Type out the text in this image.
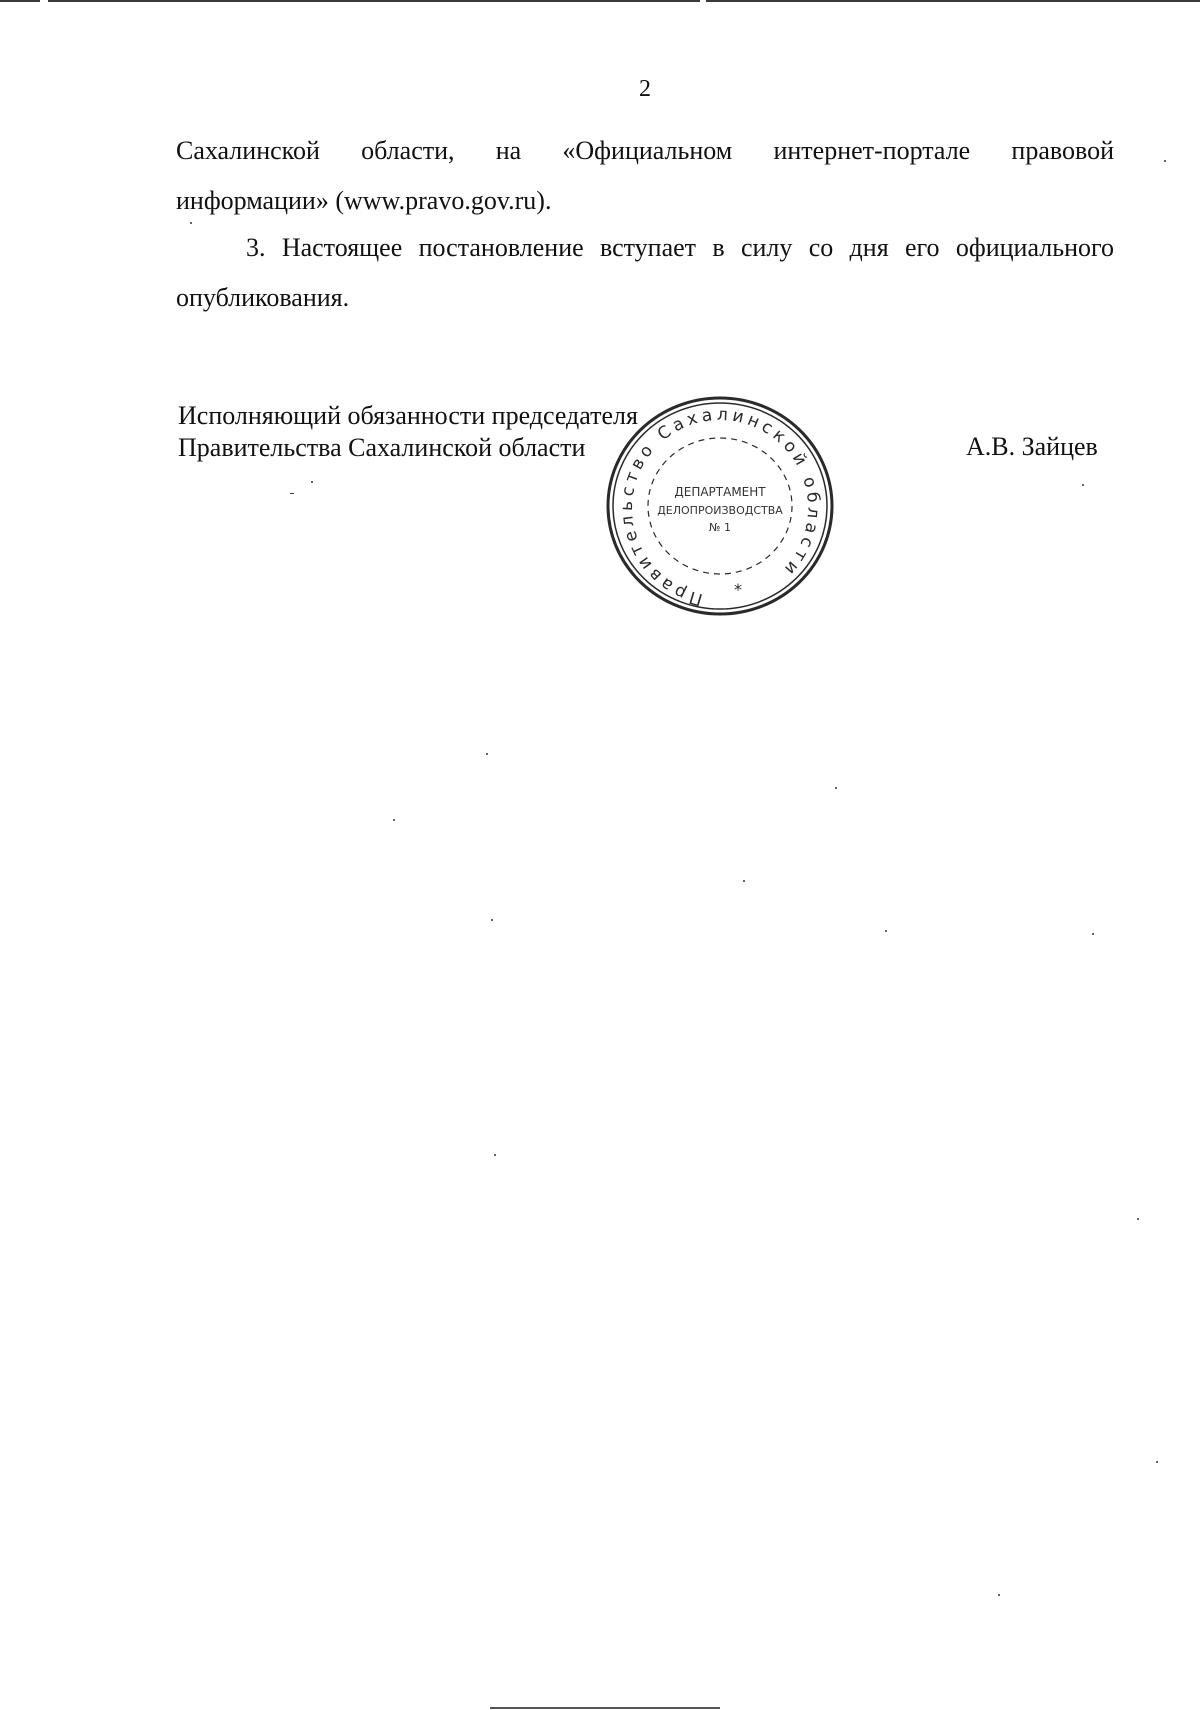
2
Сахалинской области, на «Официальном интернет-портале правовой
информации» (www.pravo.gov.ru).
3. Настоящее постановление вступает в силу со дня его официального
опубликования.
Исполняющий обязанности председателя
Правительства Сахалинской области	А.В. Зайцев
Правительство Сахалинской области
ДЕПАРТАМЕНТ
ДЕЛОПРОИЗВОДСТВА
№ 1
*
